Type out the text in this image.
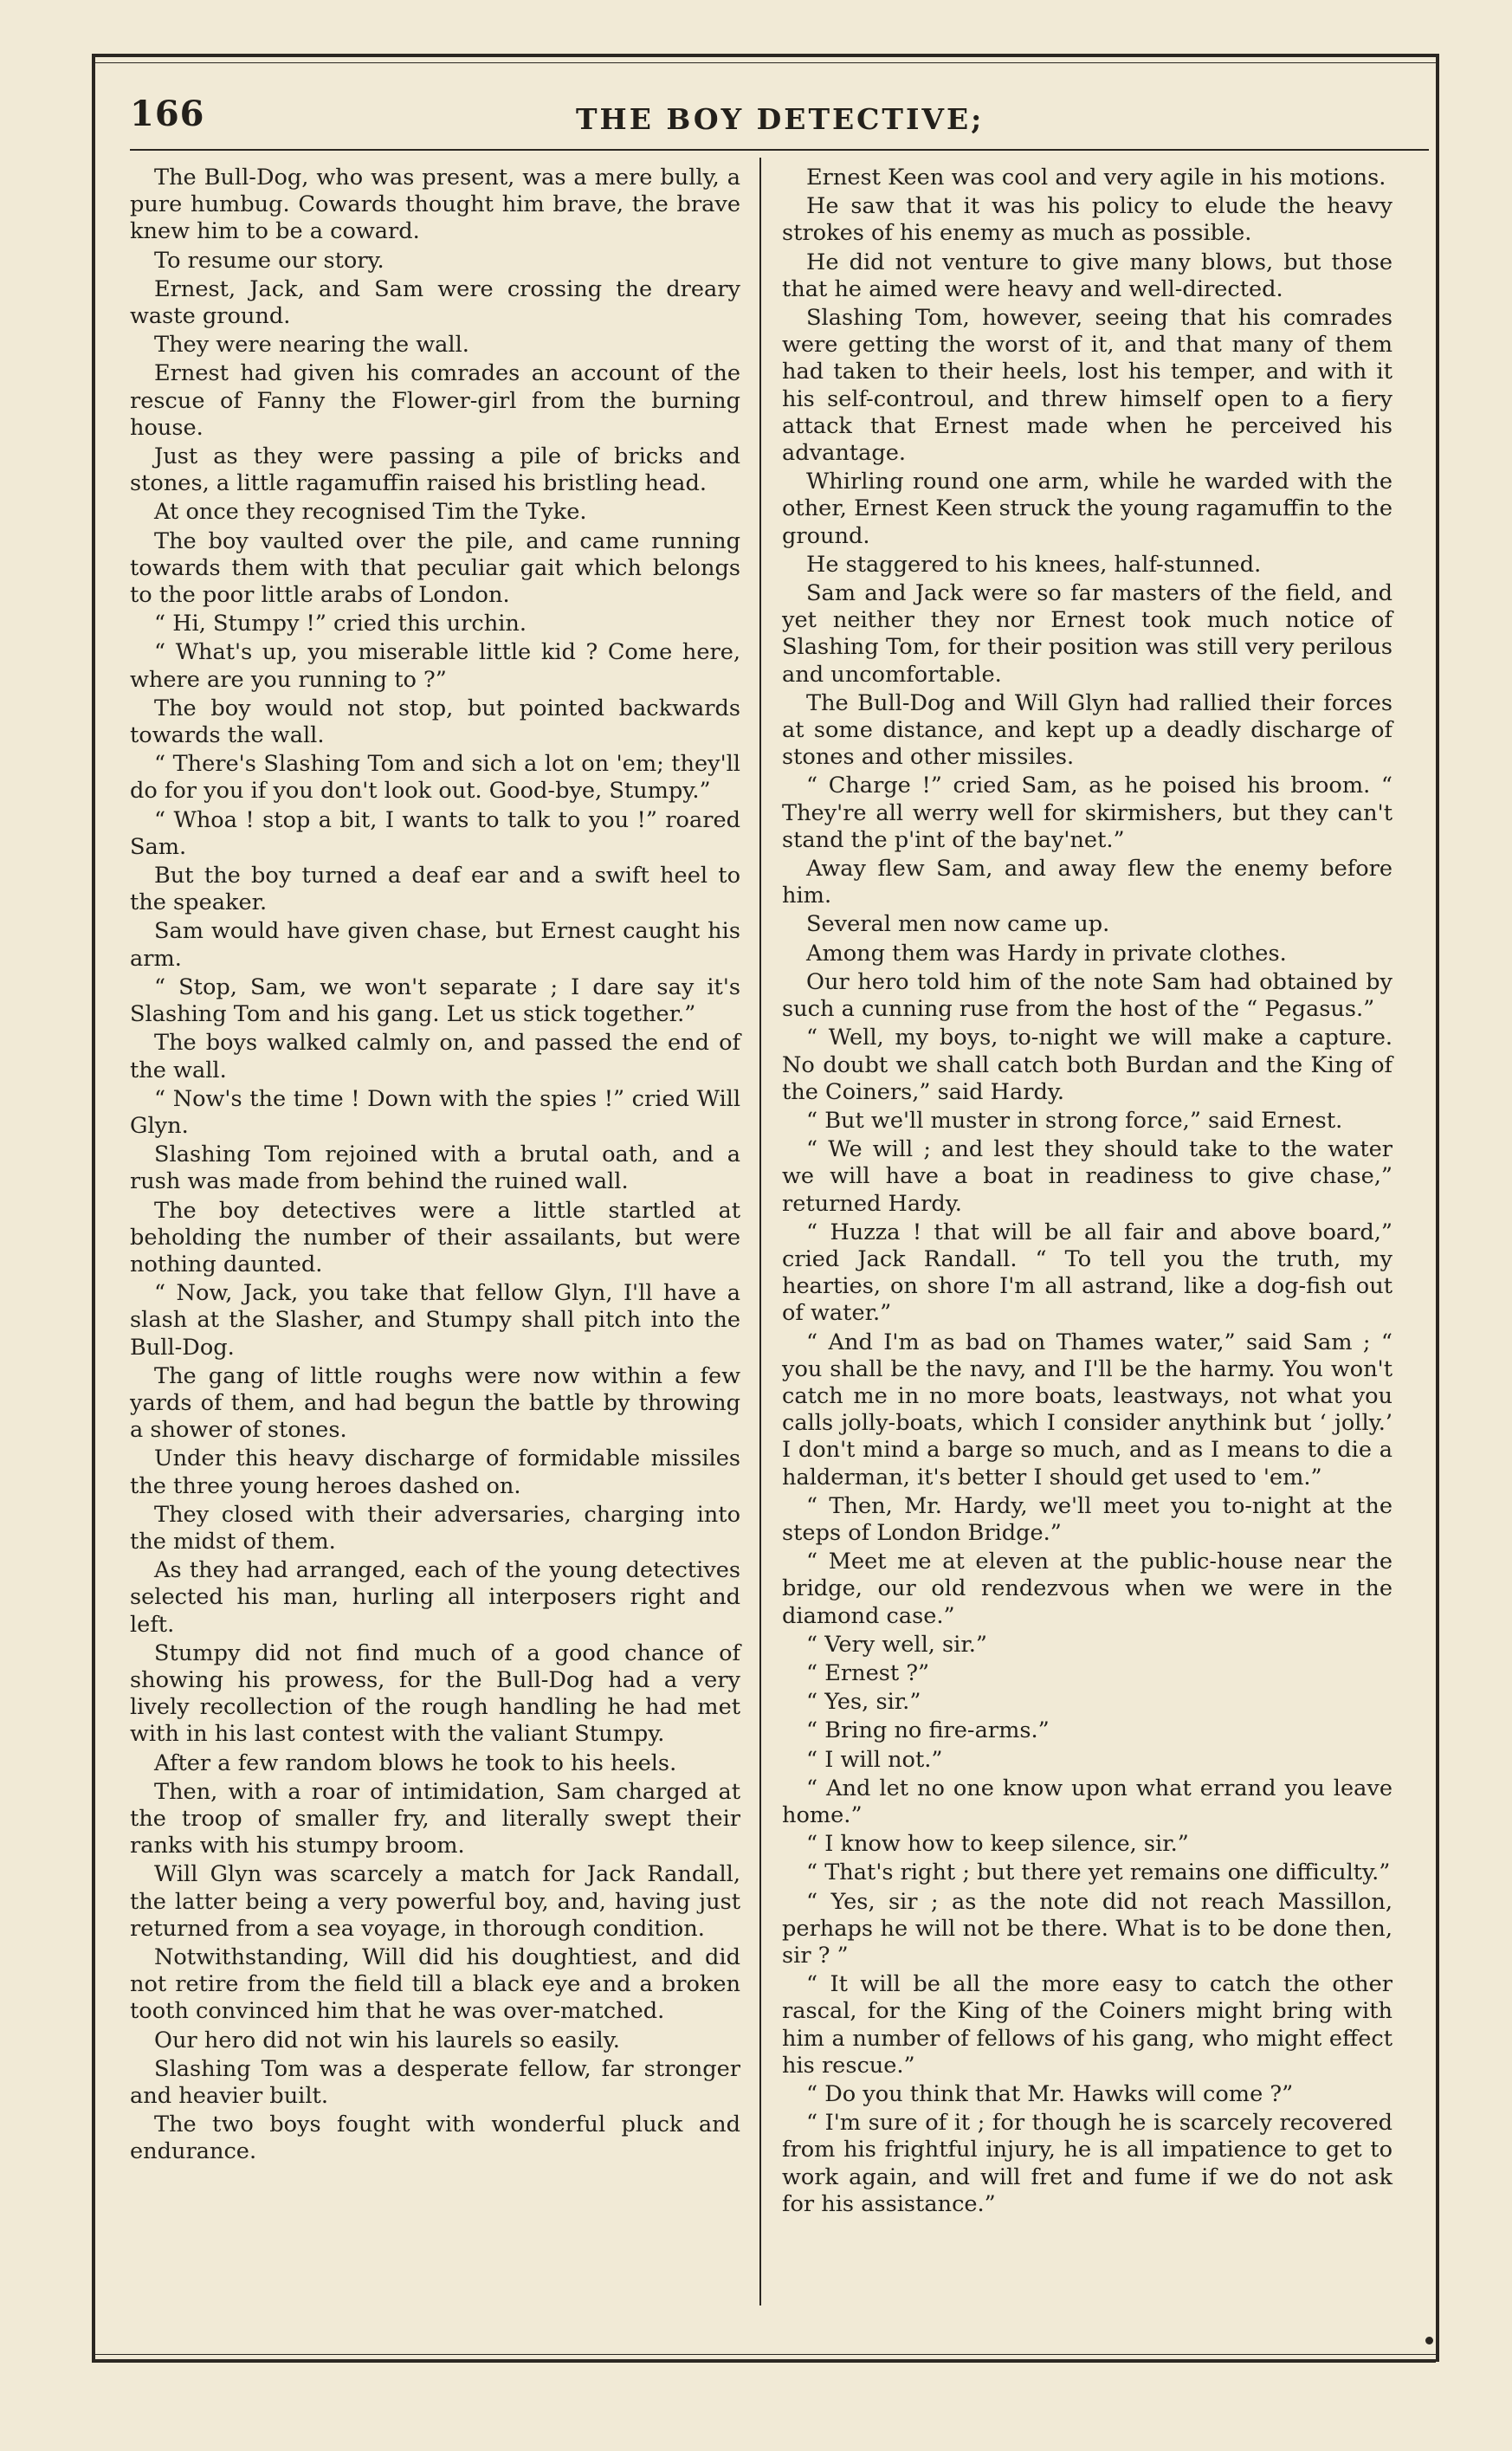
166	THE BOY DETECTIVE;

The Bull-Dog, who was present, was a mere bully, a pure humbug. Cowards thought him brave, the brave knew him to be a coward.

To resume our story.

Ernest, Jack, and Sam were crossing the dreary waste ground.

They were nearing the wall.

Ernest had given his comrades an account of the rescue of Fanny the Flower-girl from the burning house.

Just as they were passing a pile of bricks and stones, a little ragamuffin raised his bristling head.

At once they recognised Tim the Tyke.

The boy vaulted over the pile, and came running towards them with that peculiar gait which belongs to the poor little arabs of London.

“ Hi, Stumpy !” cried this urchin.

“ What's up, you miserable little kid ? Come here, where are you running to ?”

The boy would not stop, but pointed backwards towards the wall.

“ There's Slashing Tom and sich a lot on 'em; they'll do for you if you don't look out. Good-bye, Stumpy.”

“ Whoa ! stop a bit, I wants to talk to you !” roared Sam.

But the boy turned a deaf ear and a swift heel to the speaker.

Sam would have given chase, but Ernest caught his arm.

“ Stop, Sam, we won't separate ; I dare say it's Slashing Tom and his gang. Let us stick together.”

The boys walked calmly on, and passed the end of the wall.

“ Now's the time ! Down with the spies !” cried Will Glyn.

Slashing Tom rejoined with a brutal oath, and a rush was made from behind the ruined wall.

The boy detectives were a little startled at beholding the number of their assailants, but were nothing daunted.

“ Now, Jack, you take that fellow Glyn, I'll have a slash at the Slasher, and Stumpy shall pitch into the Bull-Dog.

The gang of little roughs were now within a few yards of them, and had begun the battle by throwing a shower of stones.

Under this heavy discharge of formidable missiles the three young heroes dashed on.

They closed with their adversaries, charging into the midst of them.

As they had arranged, each of the young detectives selected his man, hurling all interposers right and left.

Stumpy did not find much of a good chance of showing his prowess, for the Bull-Dog had a very lively recollection of the rough handling he had met with in his last contest with the valiant Stumpy.

After a few random blows he took to his heels.

Then, with a roar of intimidation, Sam charged at the troop of smaller fry, and literally swept their ranks with his stumpy broom.

Will Glyn was scarcely a match for Jack Randall, the latter being a very powerful boy, and, having just returned from a sea voyage, in thorough condition.

Notwithstanding, Will did his doughtiest, and did not retire from the field till a black eye and a broken tooth convinced him that he was over-matched.

Our hero did not win his laurels so easily.

Slashing Tom was a desperate fellow, far stronger and heavier built.

The two boys fought with wonderful pluck and endurance.

Ernest Keen was cool and very agile in his motions.

He saw that it was his policy to elude the heavy strokes of his enemy as much as possible.

He did not venture to give many blows, but those that he aimed were heavy and well-directed.

Slashing Tom, however, seeing that his comrades were getting the worst of it, and that many of them had taken to their heels, lost his temper, and with it his self-controul, and threw himself open to a fiery attack that Ernest made when he perceived his advantage.

Whirling round one arm, while he warded with the other, Ernest Keen struck the young ragamuffin to the ground.

He staggered to his knees, half-stunned.

Sam and Jack were so far masters of the field, and yet neither they nor Ernest took much notice of Slashing Tom, for their position was still very perilous and uncomfortable.

The Bull-Dog and Will Glyn had rallied their forces at some distance, and kept up a deadly discharge of stones and other missiles.

“ Charge !” cried Sam, as he poised his broom. “ They're all werry well for skirmishers, but they can't stand the p'int of the bay'net.”

Away flew Sam, and away flew the enemy before him.

Several men now came up.

Among them was Hardy in private clothes.

Our hero told him of the note Sam had obtained by such a cunning ruse from the host of the “ Pegasus.”

“ Well, my boys, to-night we will make a capture. No doubt we shall catch both Burdan and the King of the Coiners,” said Hardy.

“ But we'll muster in strong force,” said Ernest.

“ We will ; and lest they should take to the water we will have a boat in readiness to give chase,” returned Hardy.

“ Huzza ! that will be all fair and above board,” cried Jack Randall. “ To tell you the truth, my hearties, on shore I'm all astrand, like a dog-fish out of water.”

“ And I'm as bad on Thames water,” said Sam ; “ you shall be the navy, and I'll be the harmy. You won't catch me in no more boats, leastways, not what you calls jolly-boats, which I consider anythink but ‘ jolly.’ I don't mind a barge so much, and as I means to die a halderman, it's better I should get used to 'em.”

“ Then, Mr. Hardy, we'll meet you to-night at the steps of London Bridge.”

“ Meet me at eleven at the public-house near the bridge, our old rendezvous when we were in the diamond case.”

“ Very well, sir.”

“ Ernest ?”

“ Yes, sir.”

“ Bring no fire-arms.”

“ I will not.”

“ And let no one know upon what errand you leave home.”

“ I know how to keep silence, sir.”

“ That's right ; but there yet remains one difficulty.”

“ Yes, sir ; as the note did not reach Massillon, perhaps he will not be there. What is to be done then, sir ? ”

“ It will be all the more easy to catch the other rascal, for the King of the Coiners might bring with him a number of fellows of his gang, who might effect his rescue.”

“ Do you think that Mr. Hawks will come ?”

“ I'm sure of it ; for though he is scarcely recovered from his frightful injury, he is all impatience to get to work again, and will fret and fume if we do not ask for his assistance.”
